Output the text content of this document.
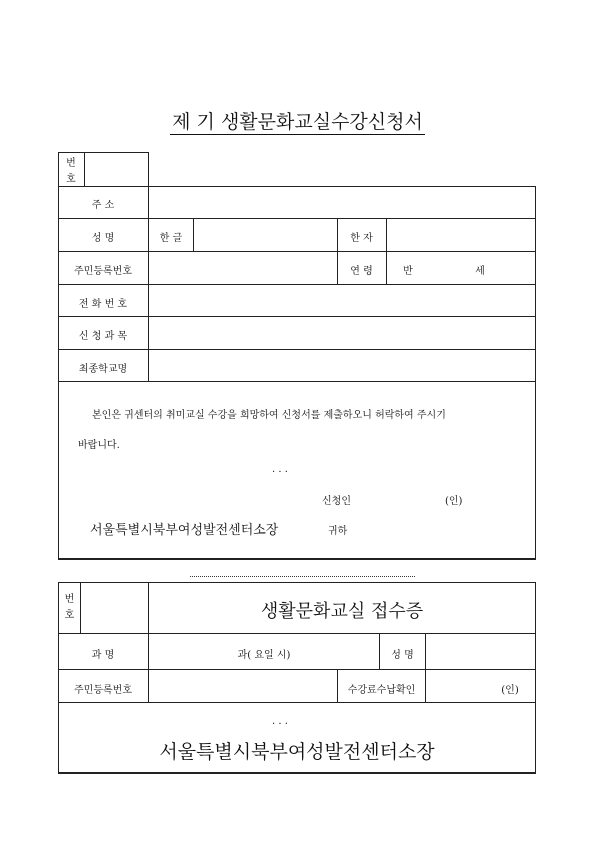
제 기 생활문화교실수강신청서
번
호
주 소
성 명	한 글	한 자
주민등록번호	연 령	반	세
전 화 번 호
신 청 과 목
최종학교명
본인은 귀센터의 취미교실 수강을 희망하여 신청서를 제출하오니 허락하여 주시기
바랍니다.
. . .
신청인	(인)
서울특별시북부여성발전센터소장	귀하
번
호	생활문화교실 접수증
과 명	과( 요일 시)	성 명
주민등록번호	수강료수납확인	(인)
. . .
서울특별시북부여성발전센터소장
